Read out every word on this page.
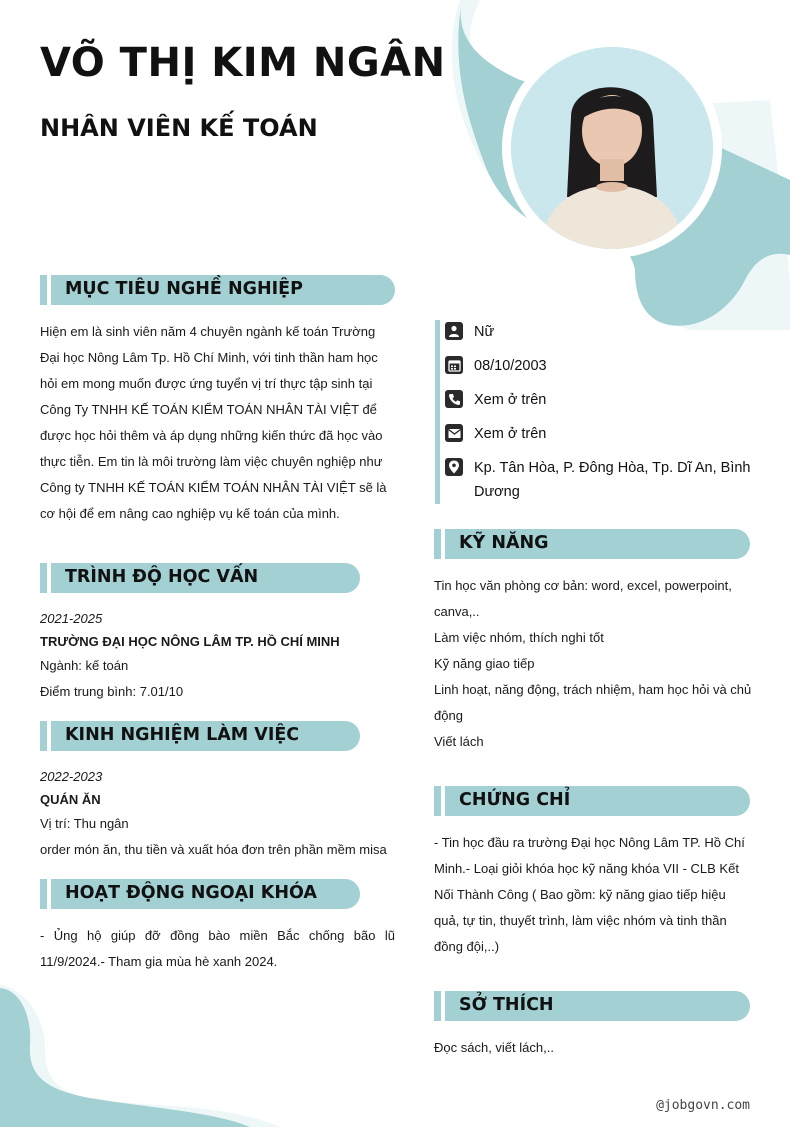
VÕ THỊ KIM NGÂN
NHÂN VIÊN KẾ TOÁN
MỤC TIÊU NGHỀ NGHIỆP

Hiện em là sinh viên năm 4 chuyên ngành kế toán Trường Đại học Nông Lâm Tp. Hồ Chí Minh, với tinh thần ham học hỏi em mong muốn được ứng tuyển vị trí thực tập sinh tại Công Ty TNHH KẾ TOÁN KIỂM TOÁN NHÂN TÀI VIỆT để được học hỏi thêm và áp dụng những kiến thức đã học vào thực tiễn. Em tin là môi trường làm việc chuyên nghiệp như Công ty TNHH KẾ TOÁN KIỂM TOÁN NHÂN TÀI VIỆT sẽ là cơ hội để em nâng cao nghiệp vụ kế toán của mình.

TRÌNH ĐỘ HỌC VẤN

2021-2025

TRƯỜNG ĐẠI HỌC NÔNG LÂM TP. HỒ CHÍ MINH

Ngành: kế toán

Điểm trung bình: 7.01/10

KINH NGHIỆM LÀM VIỆC

2022-2023

QUÁN ĂN

Vị trí: Thu ngân

order món ăn, thu tiền và xuất hóa đơn trên phần mềm misa

HOẠT ĐỘNG NGOẠI KHÓA

- Ủng hộ giúp đỡ đồng bào miền Bắc chống bão lũ 11/9/2024.- Tham gia mùa hè xanh 2024.

Nữ
08/10/2003
Xem ở trên
Xem ở trên
Kp. Tân Hòa, P. Đông Hòa, Tp. Dĩ An, Bình Dương
KỸ NĂNG

Tin học văn phòng cơ bản: word, excel, powerpoint, canva,..

Làm việc nhóm, thích nghi tốt

Kỹ năng giao tiếp

Linh hoạt, năng động, trách nhiệm, ham học hỏi và chủ động

Viết lách

CHỨNG CHỈ

- Tin học đầu ra trường Đại học Nông Lâm TP. Hồ Chí Minh.- Loại giỏi khóa học kỹ năng khóa VII - CLB Kết Nối Thành Công ( Bao gồm: kỹ năng giao tiếp hiệu quả, tự tin, thuyết trình, làm việc nhóm và tinh thần đồng đội,..)

SỞ THÍCH

Đọc sách, viết lách,..

@jobgovn.com
